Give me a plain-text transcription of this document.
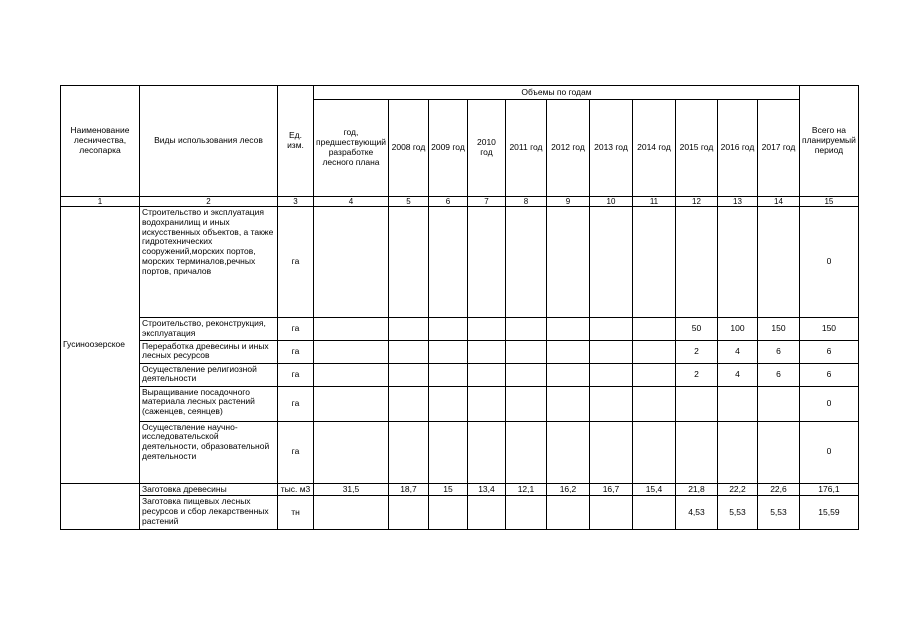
Наименование лесничества, лесопарка	Виды использования лесов	Ед. изм.	Объемы по годам											Всего на планируемый период
			год, предшествующий разработке лесного плана	2008 год	2009 год	2010 год	2011 год	2012 год	2013 год	2014 год	2015 год	2016 год	2017 год	
1	2	3	4	5	6	7	8	9	10	11	12	13	14	15
Гусиноозерское	Строительство и эксплуатация водохранилищ и иных искусственных объектов, а также гидротехнических сооружений,морских портов, морских терминалов,речных портов, причалов	га												0
	Строительство, реконструкция, эксплуатация	га									50	100	150	150
	Переработка древесины и иных лесных ресурсов	га									2	4	6	6
	Осуществление религиозной деятельности	га									2	4	6	6
	Выращивание посадочного материала лесных растений (саженцев, сеянцев)	га												0
	Осуществление научно-исследовательской деятельности, образовательной деятельности	га												0
	Заготовка древесины	тыс. м3	31,5	18,7	15	13,4	12,1	16,2	16,7	15,4	21,8	22,2	22,6	176,1
	Заготовка пищевых лесных ресурсов и сбор лекарственных растений	тн									4,53	5,53	5,53	15,59
